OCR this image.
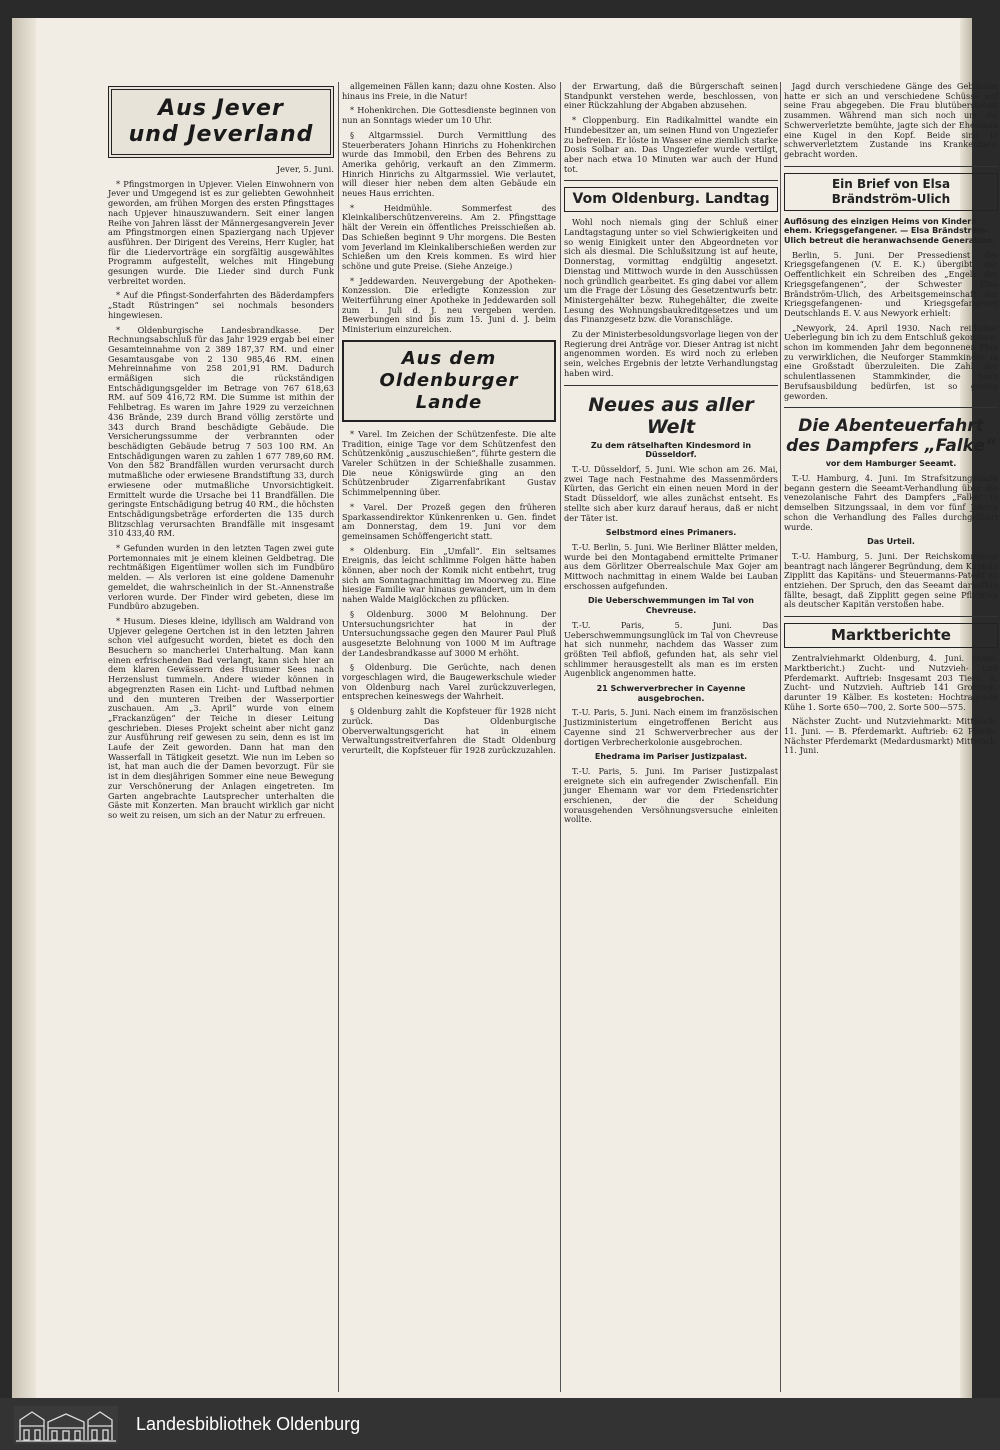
Aus Jever
und Jeverland
Jever, 5. Juni.

* Pfingstmorgen in Upjever. Vielen Einwohnern von Jever und Umgegend ist es zur geliebten Gewohnheit geworden, am frühen Morgen des ersten Pfingsttages nach Upjever hinauszuwandern. Seit einer langen Reihe von Jahren lässt der Männergesangverein Jever am Pfingstmorgen einen Spaziergang nach Upjever ausführen. Der Dirigent des Vereins, Herr Kugler, hat für die Liedervorträge ein sorgfältig ausgewähltes Programm aufgestellt, welches mit Hingebung gesungen wurde. Die Lieder sind durch Funk verbreitet worden.

* Auf die Pfingst-Sonderfahrten des Bäderdampfers „Stadt Rüstringen“ sei nochmals besonders hingewiesen.

* Oldenburgische Landesbrandkasse. Der Rechnungsabschluß für das Jahr 1929 ergab bei einer Gesamteinnahme von 2 389 187,37 RM. und einer Gesamtausgabe von 2 130 985,46 RM. einen Mehreinnahme von 258 201,91 RM. Dadurch ermäßigen sich die rückständigen Entschädigungsgelder im Betrage von 767 618,63 RM. auf 509 416,72 RM. Die Summe ist mithin der Fehlbetrag. Es waren im Jahre 1929 zu verzeichnen 436 Brände, 239 durch Brand völlig zerstörte und 343 durch Brand beschädigte Gebäude. Die Versicherungssumme der verbrannten oder beschädigten Gebäude betrug 7 503 100 RM. An Entschädigungen waren zu zahlen 1 677 789,60 RM. Von den 582 Brandfällen wurden verursacht durch mutmaßliche oder erwiesene Brandstiftung 33, durch erwiesene oder mutmaßliche Unvorsichtigkeit. Ermittelt wurde die Ursache bei 11 Brandfällen. Die geringste Entschädigung betrug 40 RM., die höchsten Entschädigungsbeträge erforderten die 135 durch Blitzschlag verursachten Brandfälle mit insgesamt 310 433,40 RM.

* Gefunden wurden in den letzten Tagen zwei gute Portemonnaies mit je einem kleinen Geldbetrag. Die rechtmäßigen Eigentümer wollen sich im Fundbüro melden. — Als verloren ist eine goldene Damenuhr gemeldet, die wahrscheinlich in der St.-Annenstraße verloren wurde. Der Finder wird gebeten, diese im Fundbüro abzugeben.

* Husum. Dieses kleine, idyllisch am Waldrand von Upjever gelegene Oertchen ist in den letzten Jahren schon viel aufgesucht worden, bietet es doch den Besuchern so mancherlei Unterhaltung. Man kann einen erfrischenden Bad verlangt, kann sich hier an dem klaren Gewässern des Husumer Sees nach Herzenslust tummeln. Andere wieder können in abgegrenzten Rasen ein Licht- und Luftbad nehmen und den munteren Treiben der Wasserportier zuschauen. Am „3. April“ wurde von einem „Frackanzügen“ der Teiche in dieser Leitung geschrieben. Dieses Projekt scheint aber nicht ganz zur Ausführung reif gewesen zu sein, denn es ist im Laufe der Zeit geworden. Dann hat man den Wasserfall in Tätigkeit gesetzt. Wie nun im Leben so ist, hat man auch die der Damen bevorzugt. Für sie ist in dem diesjährigen Sommer eine neue Bewegung zur Verschönerung der Anlagen eingetreten. Im Garten angebrachte Lautsprecher unterhalten die Gäste mit Konzerten. Man braucht wirklich gar nicht so weit zu reisen, um sich an der Natur zu erfreuen.

allgemeinen Fällen kann; dazu ohne Kosten. Also hinaus ins Freie, in die Natur!

* Hohenkirchen. Die Gottesdienste beginnen von nun an Sonntags wieder um 10 Uhr.

§ Altgarmssiel. Durch Vermittlung des Steuerberaters Johann Hinrichs zu Hohenkirchen wurde das Immobil, den Erben des Behrens zu Amerika gehörig, verkauft an den Zimmerm. Hinrich Hinrichs zu Altgarmssiel. Wie verlautet, will dieser hier neben dem alten Gebäude ein neues Haus errichten.

* Heidmühle. Sommerfest des Kleinkaliberschützenvereins. Am 2. Pfingsttage hält der Verein ein öffentliches Preisschießen ab. Das Schießen beginnt 9 Uhr morgens. Die Besten vom Jeverland im Kleinkaliberschießen werden zur Schießen um den Kreis kommen. Es wird hier schöne und gute Preise. (Siehe Anzeige.)

* Jeddewarden. Neuvergebung der Apotheken-Konzession. Die erledigte Konzession zur Weiterführung einer Apotheke in Jeddewarden soll zum 1. Juli d. J. neu vergeben werden. Bewerbungen sind bis zum 15. Juni d. J. beim Ministerium einzureichen.

Aus dem Oldenburger
Lande

* Varel. Im Zeichen der Schützenfeste. Die alte Tradition, einige Tage vor dem Schützenfest den Schützenkönig „auszuschießen“, führte gestern die Vareler Schützen in der Schießhalle zusammen. Die neue Königswürde ging an den Schützenbruder Zigarrenfabrikant Gustav Schimmelpenning über.

* Varel. Der Prozeß gegen den früheren Sparkassendirektor Künkenrenken u. Gen. findet am Donnerstag, dem 19. Juni vor dem gemeinsamen Schöffengericht statt.

* Oldenburg. Ein „Umfall“. Ein seltsames Ereignis, das leicht schlimme Folgen hätte haben können, aber noch der Komik nicht entbehrt, trug sich am Sonntagnachmittag im Moorweg zu. Eine hiesige Familie war hinaus gewandert, um in dem nahen Walde Maiglöckchen zu pflücken.

§ Oldenburg. 3000 M Belohnung. Der Untersuchungsrichter hat in der Untersuchungssache gegen den Maurer Paul Pluß ausgesetzte Belohnung von 1000 M im Auftrage der Landesbrandkasse auf 3000 M erhöht.

§ Oldenburg. Die Gerüchte, nach denen vorgeschlagen wird, die Baugewerkschule wieder von Oldenburg nach Varel zurückzuverlegen, entsprechen keineswegs der Wahrheit.

§ Oldenburg zahlt die Kopfsteuer für 1928 nicht zurück. Das Oldenburgische Oberverwaltungsgericht hat in einem Verwaltungsstreitverfahren die Stadt Oldenburg verurteilt, die Kopfsteuer für 1928 zurückzuzahlen.

der Erwartung, daß die Bürgerschaft seinen Standpunkt verstehen werde, beschlossen, von einer Rückzahlung der Abgaben abzusehen.

* Cloppenburg. Ein Radikalmittel wandte ein Hundebesitzer an, um seinen Hund von Ungeziefer zu befreien. Er löste in Wasser eine ziemlich starke Dosis Solbar an. Das Ungeziefer wurde vertilgt, aber nach etwa 10 Minuten war auch der Hund tot.

Vom Oldenburg. Landtag

Wohl noch niemals ging der Schluß einer Landtagstagung unter so viel Schwierigkeiten und so wenig Einigkeit unter den Abgeordneten vor sich als diesmal. Die Schlußsitzung ist auf heute, Donnerstag, vormittag endgültig angesetzt. Dienstag und Mittwoch wurde in den Ausschüssen noch gründlich gearbeitet. Es ging dabei vor allem um die Frage der Lösung des Gesetzentwurfs betr. Ministergehälter bezw. Ruhegehälter, die zweite Lesung des Wohnungsbaukreditgesetzes und um das Finanzgesetz bzw. die Voranschläge.

Zu der Ministerbesoldungsvorlage liegen von der Regierung drei Anträge vor. Dieser Antrag ist nicht angenommen worden. Es wird noch zu erleben sein, welches Ergebnis der letzte Verhandlungstag haben wird.

Neues aus aller Welt
Zu dem rätselhaften Kindesmord in Düsseldorf.

T.-U. Düsseldorf, 5. Juni. Wie schon am 26. Mai, zwei Tage nach Festnahme des Massenmörders Kürten, das Gericht ein einen neuen Mord in der Stadt Düsseldorf, wie alles zunächst entseht. Es stellte sich aber kurz darauf heraus, daß er nicht der Täter ist.

Selbstmord eines Primaners.

T.-U. Berlin, 5. Juni. Wie Berliner Blätter melden, wurde bei den Montagabend ermittelte Primaner aus dem Görlitzer Oberrealschule Max Gojer am Mittwoch nachmittag in einem Walde bei Lauban erschossen aufgefunden.

Die Ueberschwemmungen im Tal von Chevreuse.

T.-U. Paris, 5. Juni. Das Ueberschwemmungsunglück im Tal von Chevreuse hat sich nunmehr, nachdem das Wasser zum größten Teil abfloß, gefunden hat, als sehr viel schlimmer herausgestellt als man es im ersten Augenblick angenommen hatte.

21 Schwerverbrecher in Cayenne ausgebrochen.

T.-U. Paris, 5. Juni. Nach einem im französischen Justizministerium eingetroffenen Bericht aus Cayenne sind 21 Schwerverbrecher aus der dortigen Verbrecherkolonie ausgebrochen.

Ehedrama im Pariser Justizpalast.

T.-U. Paris, 5. Juni. Im Pariser Justizpalast ereignete sich ein aufregender Zwischenfall. Ein junger Ehemann war vor dem Friedensrichter erschienen, der die der Scheidung vorausgehenden Versöhnungsversuche einleiten wollte.

Jagd durch verschiedene Gänge des Gebäudes hatte er sich an und verschiedene Schüsse auf seine Frau abgegeben. Die Frau blutüberströmt zusammen. Während man sich noch um die Schwerverletzte bemühte, jagte sich der Ehemann eine Kugel in den Kopf. Beide sind in schwerverletztem Zustande ins Krankenhaus gebracht worden.

Ein Brief von Elsa Brändström-Ulich
Auflösung des einzigen Heims von Kindern ehem. Kriegsgefangener. — Elsa Brändström-Ulich betreut die heranwachsende Generation.

Berlin, 5. Juni. Der Pressedienst der Kriegsgefangenen (V. E. K.) übergibt der Oeffentlichkeit ein Schreiben des „Engels der Kriegsgefangenen“, der Schwester Elsa Brändström-Ulich, des Arbeitsgemeinschaft der Kriegsgefangenen- und Kriegsgefangener Deutschlands E. V. aus Newyork erhielt:

„Newyork, 24. April 1930. Nach reiflicher Ueberlegung bin ich zu dem Entschluß gekommen, schon im kommenden Jahr dem begonnenen Plan zu verwirklichen, die Neuforger Stammkinder in eine Großstadt überzuleiten. Die Zahl der schulentlassenen Stammkinder, die noch Berufsausbildung bedürfen, ist so gering geworden.

Die Abenteuerfahrt
des Dampfers „Falke“
vor dem Hamburger Seeamt.

T.-U. Hamburg, 4. Juni. Im Strafsitzungssaale begann gestern die Seeamt-Verhandlung über die venezolanische Fahrt des Dampfers „Falke“ in demselben Sitzungssaal, in dem vor fünf Jahren schon die Verhandlung des Falles durchgeführt wurde.

Das Urteil.

T.-U. Hamburg, 5. Juni. Der Reichskommissar beantragt nach längerer Begründung, dem Kapitän Zipplitt das Kapitäns- und Steuermanns-Patent zu entziehen. Der Spruch, den das Seeamt daraufhin fällte, besagt, daß Zipplitt gegen seine Pflichten als deutscher Kapitän verstoßen habe.

Marktberichte

Zentralviehmarkt Oldenburg, 4. Juni. (Amtl. Marktbericht.) Zucht- und Nutzvieh- und Pferdemarkt. Auftrieb: Insgesamt 203 Tiere. A. Zucht- und Nutzvieh. Auftrieb 141 Großvieh, darunter 19 Kälber. Es kosteten: Hochtragende Kühe 1. Sorte 650—700, 2. Sorte 500—575.

Nächster Zucht- und Nutzviehmarkt: Mittwoch, 11. Juni. — B. Pferdemarkt. Auftrieb: 62 Pferde. Nächster Pferdemarkt (Medardusmarkt) Mittwoch, 11. Juni.

Landesbibliothek Oldenburg
